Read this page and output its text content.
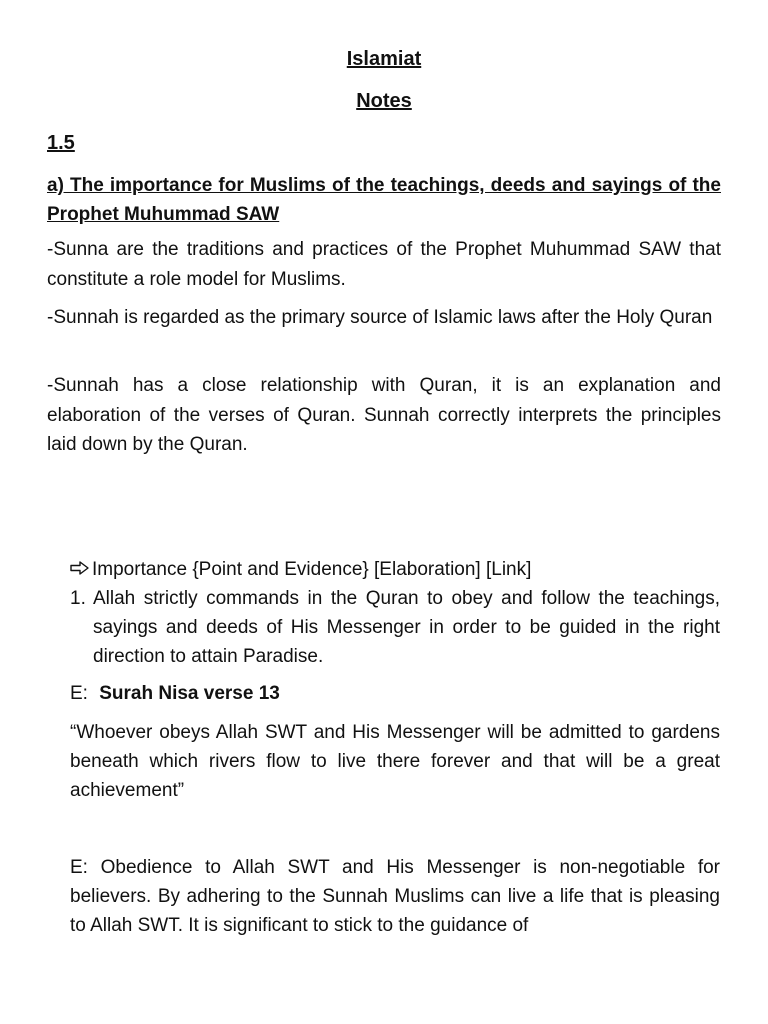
Islamiat
Notes
1.5
a) The importance for Muslims of the teachings, deeds and sayings of the Prophet Muhummad SAW
-Sunna are the traditions and practices of the Prophet Muhummad SAW that constitute a role model for Muslims.
-Sunnah is regarded as the primary source of Islamic laws after the Holy Quran
-Sunnah has a close relationship with Quran, it is an explanation and elaboration of the verses of Quran. Sunnah correctly interprets the principles laid down by the Quran.
Importance {Point and Evidence} [Elaboration] [Link]
1. Allah strictly commands in the Quran to obey and follow the teachings, sayings and deeds of His Messenger in order to be guided in the right direction to attain Paradise.
E: Surah Nisa verse 13
“Whoever obeys Allah SWT and His Messenger will be admitted to gardens beneath which rivers flow to live there forever and that will be a great achievement”
E: Obedience to Allah SWT and His Messenger is non-negotiable for believers. By adhering to the Sunnah Muslims can live a life that is pleasing to Allah SWT. It is significant to stick to the guidance of
